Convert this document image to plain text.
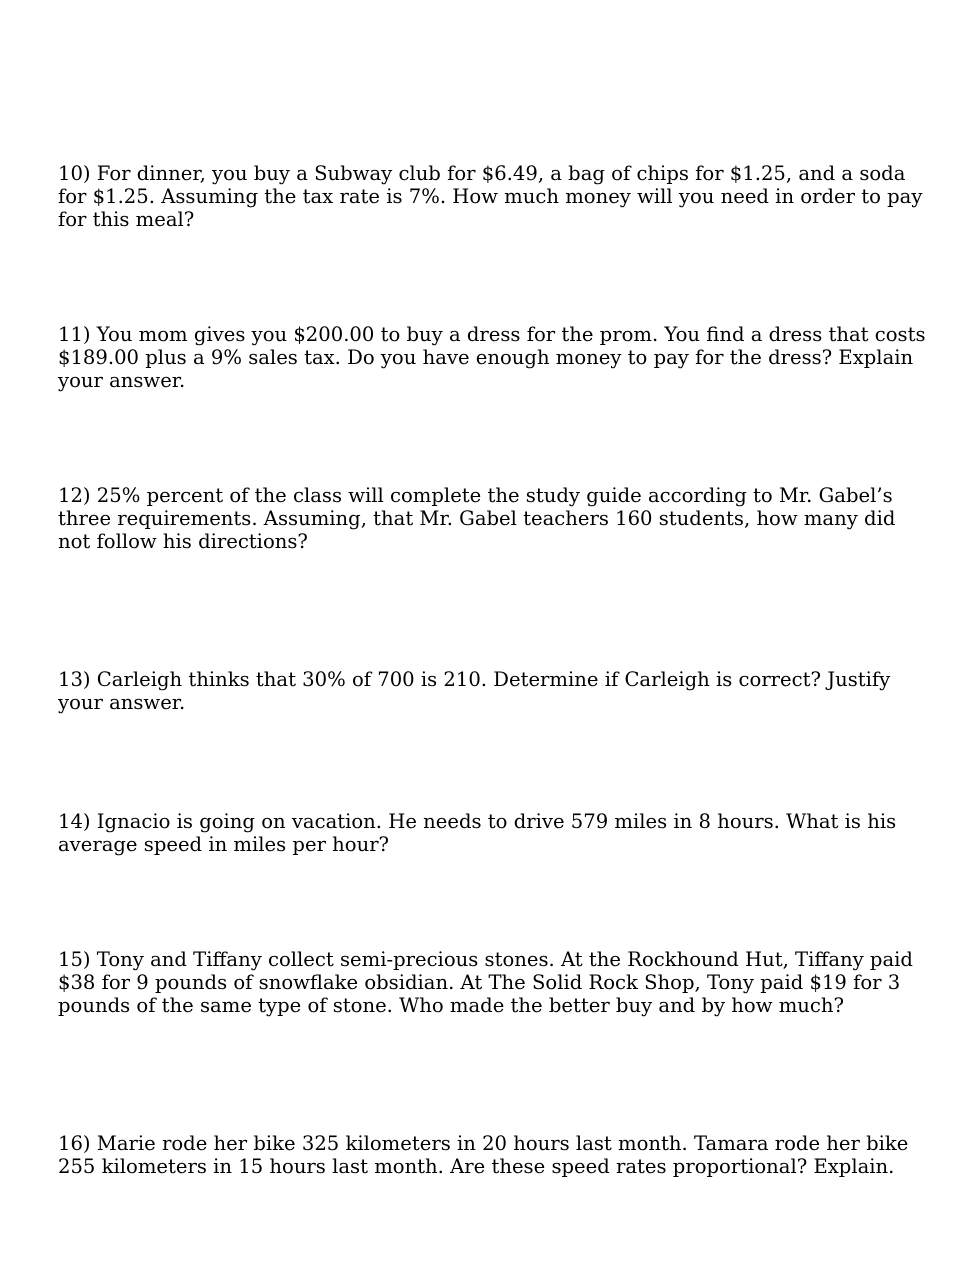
10) For dinner, you buy a Subway club for $6.49, a bag of chips for $1.25, and a soda
for $1.25. Assuming the tax rate is 7%. How much money will you need in order to pay
for this meal?

11) You mom gives you $200.00 to buy a dress for the prom. You find a dress that costs
$189.00 plus a 9% sales tax. Do you have enough money to pay for the dress? Explain
your answer.

12) 25% percent of the class will complete the study guide according to Mr. Gabel’s
three requirements. Assuming, that Mr. Gabel teachers 160 students, how many did
not follow his directions?

13) Carleigh thinks that 30% of 700 is 210. Determine if Carleigh is correct? Justify
your answer.

14) Ignacio is going on vacation. He needs to drive 579 miles in 8 hours. What is his
average speed in miles per hour?

15) Tony and Tiffany collect semi-precious stones. At the Rockhound Hut, Tiffany paid
$38 for 9 pounds of snowflake obsidian. At The Solid Rock Shop, Tony paid $19 for 3
pounds of the same type of stone. Who made the better buy and by how much?

16) Marie rode her bike 325 kilometers in 20 hours last month. Tamara rode her bike
255 kilometers in 15 hours last month. Are these speed rates proportional? Explain.
